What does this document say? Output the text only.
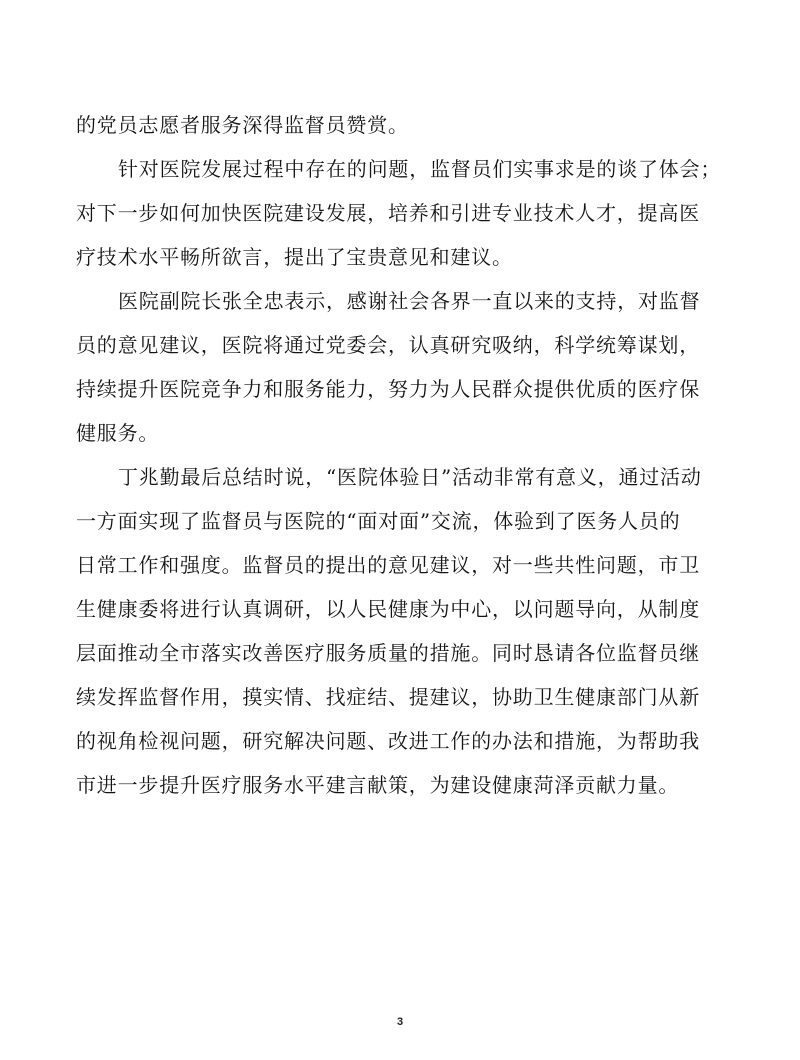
的党员志愿者服务深得监督员赞赏。
针对医院发展过程中存在的问题，监督员们实事求是的谈了体会；
对下一步如何加快医院建设发展，培养和引进专业技术人才，提高医
疗技术水平畅所欲言，提出了宝贵意见和建议。
医院副院长张全忠表示，感谢社会各界一直以来的支持，对监督
员的意见建议，医院将通过党委会，认真研究吸纳，科学统筹谋划，
持续提升医院竞争力和服务能力，努力为人民群众提供优质的医疗保
健服务。
丁兆勤最后总结时说，“医院体验日”活动非常有意义，通过活动
一方面实现了监督员与医院的“面对面”交流，体验到了医务人员的
日常工作和强度。监督员的提出的意见建议，对一些共性问题，市卫
生健康委将进行认真调研，以人民健康为中心，以问题导向，从制度
层面推动全市落实改善医疗服务质量的措施。同时恳请各位监督员继
续发挥监督作用，摸实情、找症结、提建议，协助卫生健康部门从新
的视角检视问题，研究解决问题、改进工作的办法和措施，为帮助我
市进一步提升医疗服务水平建言献策，为建设健康菏泽贡献力量。
3
